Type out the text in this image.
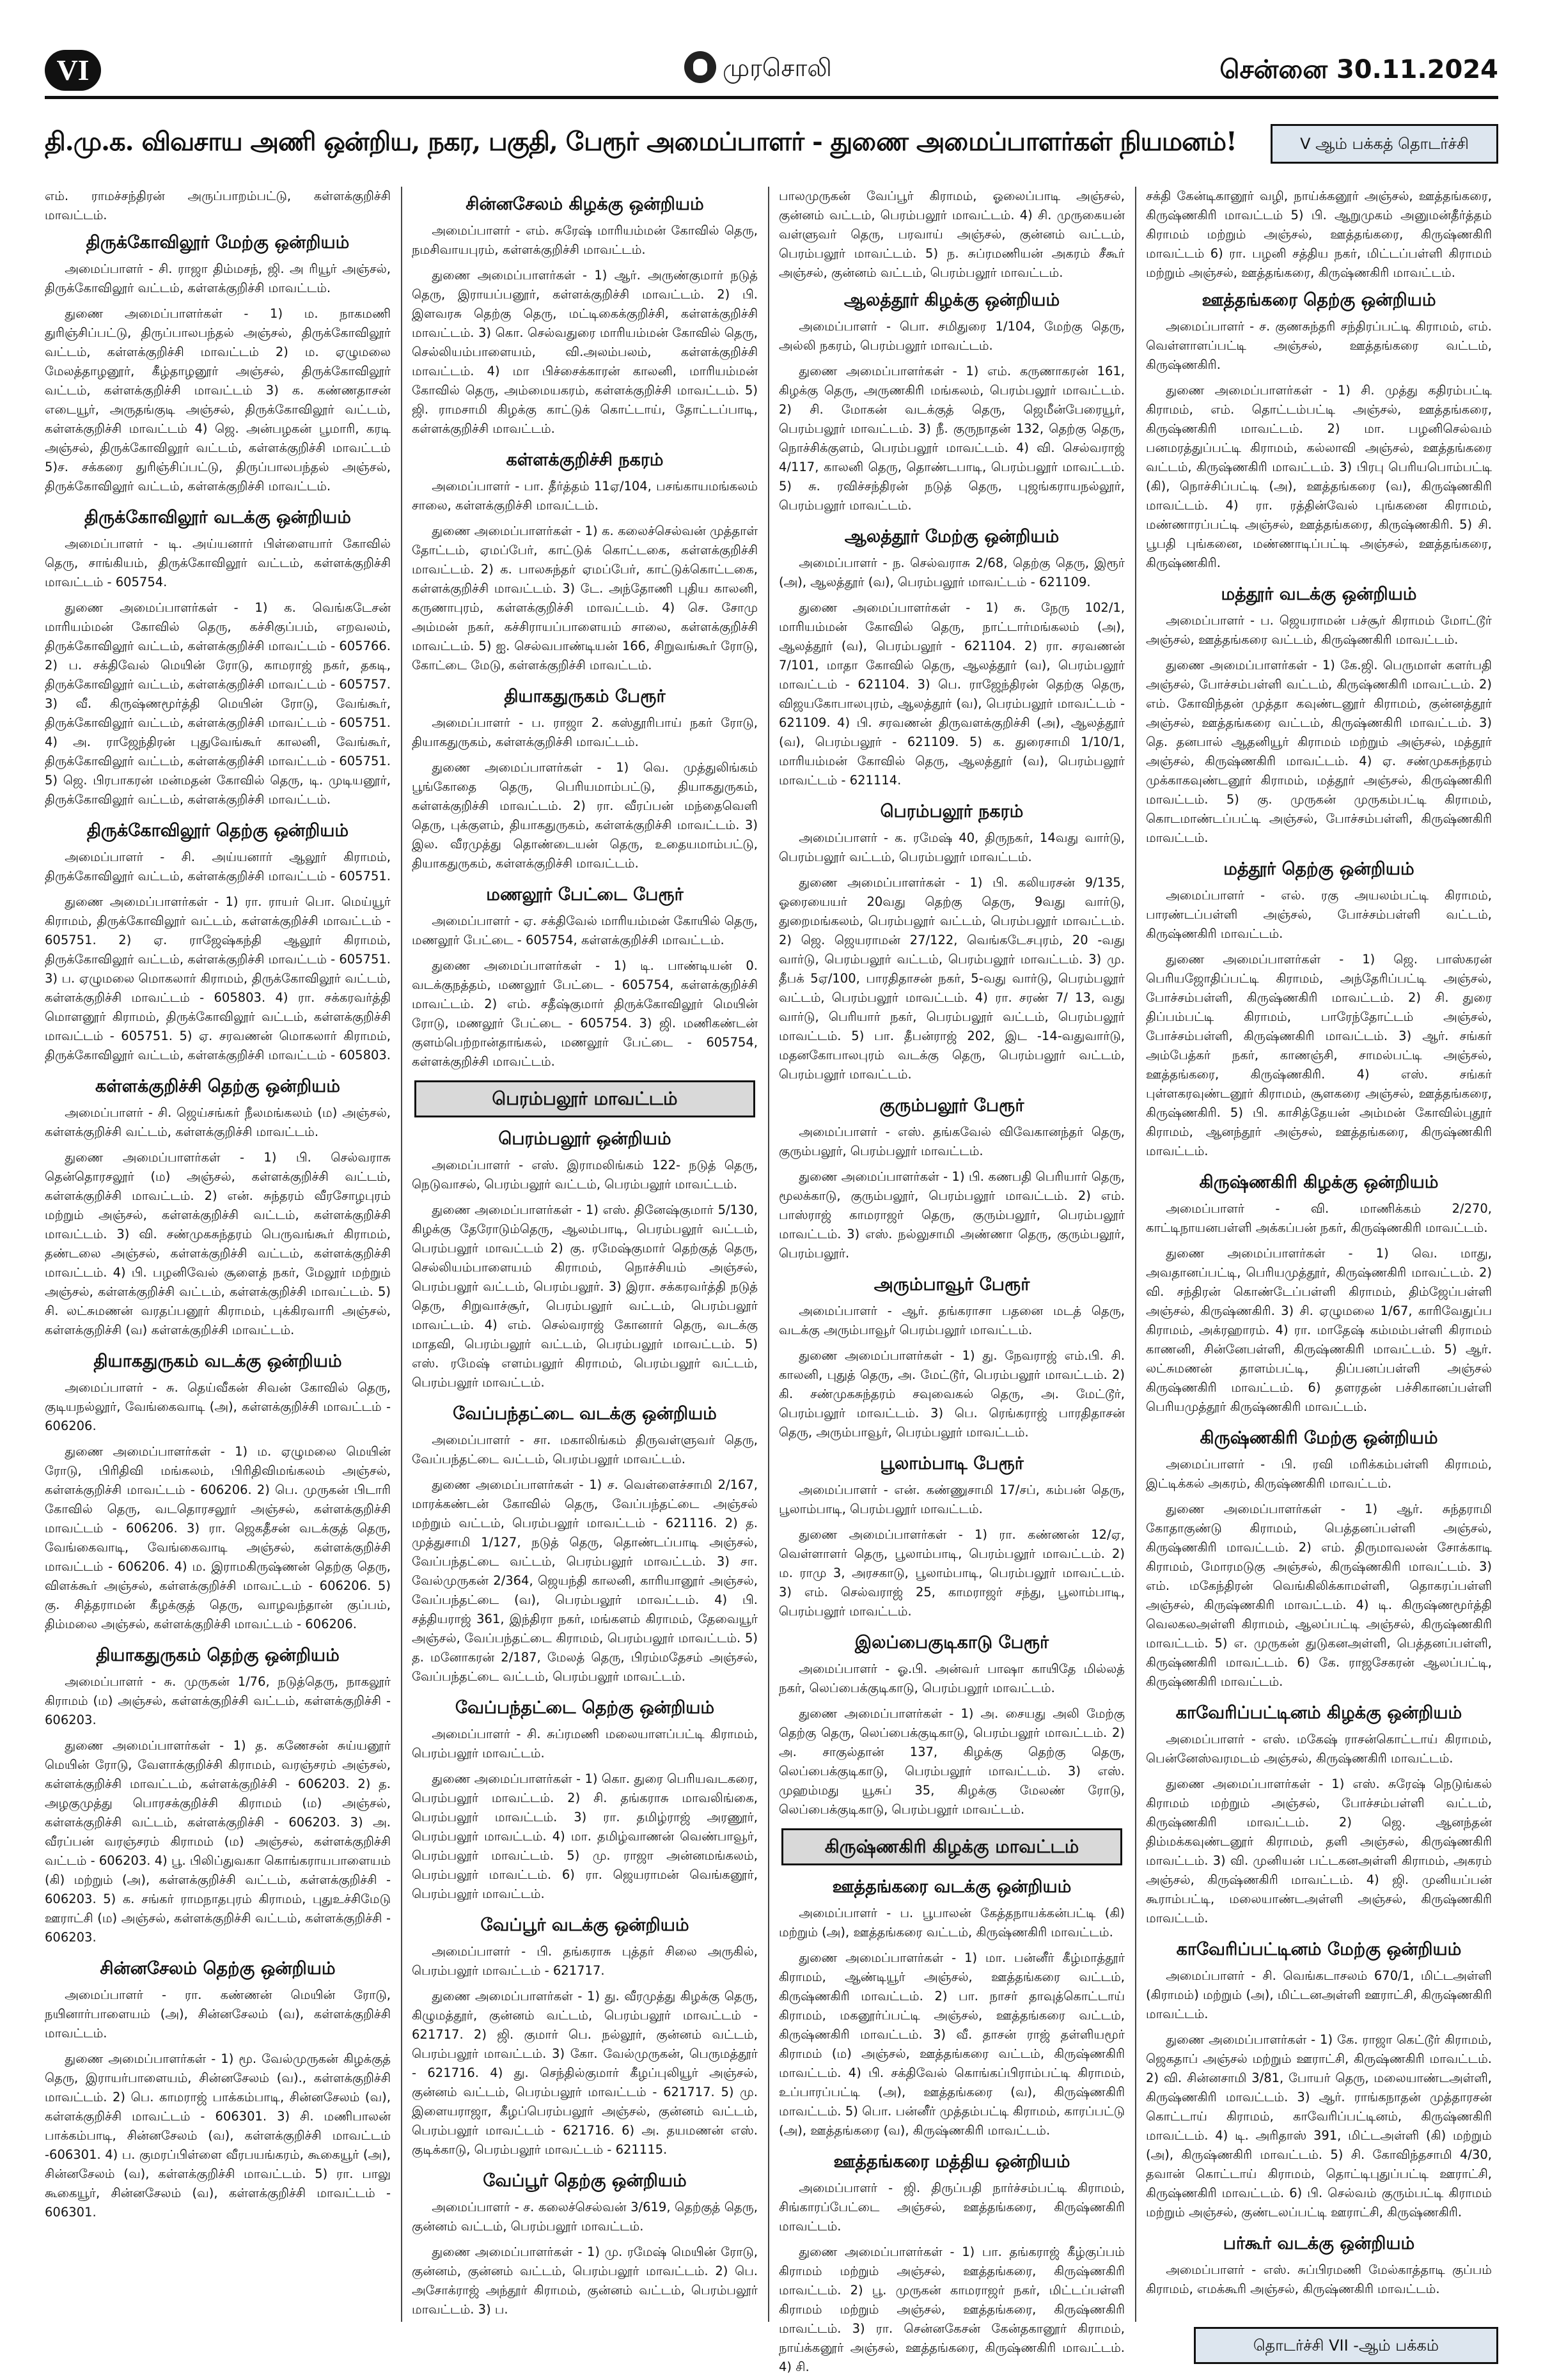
VI	முரசொலி	சென்னை 30.11.2024
தி.மு.க. விவசாய அணி ஒன்றிய, நகர, பகுதி, பேரூர் அமைப்பாளர் - துணை அமைப்பாளர்கள் நியமனம்!	V ஆம் பக்கத் தொடர்ச்சி

எம். ராமச்சந்திரன் அருப்பாறம்பட்டு, கள்ளக்குறிச்சி மாவட்டம்.

திருக்கோவிலூர் மேற்கு ஒன்றியம்

அமைப்பாளர் - சி. ராஜா திம்மசந், ஜி. அ ரியூர் அஞ்சல், திருக்கோவிலூர் வட்டம், கள்ளக்குறிச்சி மாவட்டம்.

துணை அமைப்பாளர்கள் - 1) ம. நாகமணி துரிஞ்சிப்பட்டு, திருப்பாலபந்தல் அஞ்சல், திருக்கோவிலூர் வட்டம், கள்ளக்குறிச்சி மாவட்டம் 2) ம. ஏழுமலை மேலத்தாழனூர், கீழ்தாழனூர் அஞ்சல், திருக்கோவிலூர் வட்டம், கள்ளக்குறிச்சி மாவட்டம் 3) க. கண்ணதாசன் எடையூர், அருதங்குடி அஞ்சல், திருக்கோவிலூர் வட்டம், கள்ளக்குறிச்சி மாவட்டம் 4) ஜெ. அன்பழகன் பூமாரி, கரடி அஞ்சல், திருக்கோவிலூர் வட்டம், கள்ளக்குறிச்சி மாவட்டம் 5)ச. சக்கரை துரிஞ்சிப்பட்டு, திருப்பாலபந்தல் அஞ்சல், திருக்கோவிலூர் வட்டம், கள்ளக்குறிச்சி மாவட்டம்.

திருக்கோவிலூர் வடக்கு ஒன்றியம்

அமைப்பாளர் - டி. அய்யனார் பிள்ளையார் கோவில் தெரு, சாங்கியம், திருக்கோவிலூர் வட்டம், கள்ளக்குறிச்சி மாவட்டம் - 605754.

துணை அமைப்பாளர்கள் - 1) க. வெங்கடேசன் மாரியம்மன் கோவில் தெரு, கச்சிகுப்பம், எறவலம், திருக்கோவிலூர் வட்டம், கள்ளக்குறிச்சி மாவட்டம் - 605766. 2) ப. சக்திவேல் மெயின் ரோடு, காமராஜ் நகர், தகடி, திருக்கோவிலூர் வட்டம், கள்ளக்குறிச்சி மாவட்டம் - 605757. 3) வீ. கிருஷ்ணமூர்த்தி மெயின் ரோடு, வேங்கூர், திருக்கோவிலூர் வட்டம், கள்ளக்குறிச்சி மாவட்டம் - 605751. 4) அ. ராஜேந்திரன் புதுவேங்கூர் காலனி, வேங்கூர், திருக்கோவிலூர் வட்டம், கள்ளக்குறிச்சி மாவட்டம் - 605751. 5) ஜெ. பிரபாகரன் மன்மதன் கோவில் தெரு, டி. முடியனூர், திருக்கோவிலூர் வட்டம், கள்ளக்குறிச்சி மாவட்டம்.

திருக்கோவிலூர் தெற்கு ஒன்றியம்

அமைப்பாளர் - சி. அய்யனார் ஆலூர் கிராமம், திருக்கோவிலூர் வட்டம், கள்ளக்குறிச்சி மாவட்டம் - 605751.

துணை அமைப்பாளர்கள் - 1) ரா. ராயர் பொ. மெய்யூர் கிராமம், திருக்கோவிலூர் வட்டம், கள்ளக்குறிச்சி மாவட்டம் - 605751. 2) ஏ. ராஜேஷ்கந்தி ஆலூர் கிராமம், திருக்கோவிலூர் வட்டம், கள்ளக்குறிச்சி மாவட்டம் - 605751. 3) ப. ஏழுமலை மொகலார் கிராமம், திருக்கோவிலூர் வட்டம், கள்ளக்குறிச்சி மாவட்டம் - 605803. 4) ரா. சக்கரவர்த்தி மொளனூர் கிராமம், திருக்கோவிலூர் வட்டம், கள்ளக்குறிச்சி மாவட்டம் - 605751. 5) ஏ. சரவணன் மொகலார் கிராமம், திருக்கோவிலூர் வட்டம், கள்ளக்குறிச்சி மாவட்டம் - 605803.

கள்ளக்குறிச்சி தெற்கு ஒன்றியம்

அமைப்பாளர் - சி. ஜெய்சங்கர் நீலமங்கலம் (ம) அஞ்சல், கள்ளக்குறிச்சி வட்டம், கள்ளக்குறிச்சி மாவட்டம்.

துணை அமைப்பாளர்கள் - 1) பி. செல்வராசு தென்தொரசலூர் (ம) அஞ்சல், கள்ளக்குறிச்சி வட்டம், கள்ளக்குறிச்சி மாவட்டம். 2) என். சுந்தரம் வீரசோழபுரம் மற்றும் அஞ்சல், கள்ளக்குறிச்சி வட்டம், கள்ளக்குறிச்சி மாவட்டம். 3) வி. சண்முகசுந்தரம் பெருவங்கூர் கிராமம், தண்டலை அஞ்சல், கள்ளக்குறிச்சி வட்டம், கள்ளக்குறிச்சி மாவட்டம். 4) பி. பழனிவேல் சூளைத் நகர், மேலூர் மற்றும் அஞ்சல், கள்ளக்குறிச்சி வட்டம், கள்ளக்குறிச்சி மாவட்டம். 5) சி. லட்சுமணன் வரதப்பனூர் கிராமம், புக்கிரவாரி அஞ்சல், கள்ளக்குறிச்சி (வ) கள்ளக்குறிச்சி மாவட்டம்.

தியாகதுருகம் வடக்கு ஒன்றியம்

அமைப்பாளர் - சு. தெய்வீகன் சிவன் கோவில் தெரு, குடியநல்லூர், வேங்கைவாடி (அ), கள்ளக்குறிச்சி மாவட்டம் - 606206.

துணை அமைப்பாளர்கள் - 1) ம. ஏழுமலை மெயின் ரோடு, பிரிதிவி மங்கலம், பிரிதிவிமங்கலம் அஞ்சல், கள்ளக்குறிச்சி மாவட்டம் - 606206. 2) பெ. முருகன் பிடாரி கோவில் தெரு, வடதொரசலூர் அஞ்சல், கள்ளக்குறிச்சி மாவட்டம் - 606206. 3) ரா. ஜெகதீசன் வடக்குத் தெரு, வேங்கைவாடி, வேங்கைவாடி அஞ்சல், கள்ளக்குறிச்சி மாவட்டம் - 606206. 4) ம. இராமகிருஷ்ணன் தெற்கு தெரு, விளக்கூர் அஞ்சல், கள்ளக்குறிச்சி மாவட்டம் - 606206. 5) கு. சித்தராமன் கீழக்குத் தெரு, வாழவந்தான் குப்பம், திம்மலை அஞ்சல், கள்ளக்குறிச்சி மாவட்டம் - 606206.

தியாகதுருகம் தெற்கு ஒன்றியம்

அமைப்பாளர் - சு. முருகன் 1/76, நடுத்தெரு, நாகலூர் கிராமம் (ம) அஞ்சல், கள்ளக்குறிச்சி வட்டம், கள்ளக்குறிச்சி - 606203.

துணை அமைப்பாளர்கள் - 1) த. கணேசன் சுய்யனூர் மெயின் ரோடு, வேளாக்குறிச்சி கிராமம், வரஞ்சரம் அஞ்சல், கள்ளக்குறிச்சி மாவட்டம், கள்ளக்குறிச்சி - 606203. 2) த. அழகுமுத்து பொரசக்குறிச்சி கிராமம் (ம) அஞ்சல், கள்ளக்குறிச்சி வட்டம், கள்ளக்குறிச்சி - 606203. 3) அ. வீரப்பன் வரஞ்சரம் கிராமம் (ம) அஞ்சல், கள்ளக்குறிச்சி வட்டம் - 606203. 4) பூ. பிலிப்துவகா கொங்கராயபாளையம் (கி) மற்றும் (அ), கள்ளக்குறிச்சி வட்டம், கள்ளக்குறிச்சி - 606203. 5) க. சங்கர் ராமநாதபுரம் கிராமம், புதுஉச்சிமேடு ஊராட்சி (ம) அஞ்சல், கள்ளக்குறிச்சி வட்டம், கள்ளக்குறிச்சி - 606203.

சின்னசேலம் தெற்கு ஒன்றியம்

அமைப்பாளர் - ரா. கண்ணன் மெயின் ரோடு, நயினார்பாளையம் (அ), சின்னசேலம் (வ), கள்ளக்குறிச்சி மாவட்டம்.

துணை அமைப்பாளர்கள் - 1) மூ. வேல்முருகன் கிழக்குத் தெரு, இராயர்பாளையம், சின்னசேலம் (வ)., கள்ளக்குறிச்சி மாவட்டம். 2) பெ. காமராஜ் பாக்கம்பாடி, சின்னசேலம் (வ), கள்ளக்குறிச்சி மாவட்டம் - 606301. 3) சி. மணிபாலன் பாக்கம்பாடி, சின்னசேலம் (வ), கள்ளக்குறிச்சி மாவட்டம் -606301. 4) ப. குமரப்பிள்ளை வீரபயங்கரம், கூகையூர் (அ), சின்னசேலம் (வ), கள்ளக்குறிச்சி மாவட்டம். 5) ரா. பாலு கூகையூர், சின்னசேலம் (வ), கள்ளக்குறிச்சி மாவட்டம் - 606301.

சின்னசேலம் கிழக்கு ஒன்றியம்

அமைப்பாளர் - எம். சுரேஷ் மாரியம்மன் கோவில் தெரு, நமசிவாயபுரம், கள்ளக்குறிச்சி மாவட்டம்.

துணை அமைப்பாளர்கள் - 1) ஆர். அருண்குமார் நடுத் தெரு, இராயப்பனூர், கள்ளக்குறிச்சி மாவட்டம். 2) பி. இளவரசு தெற்கு தெரு, மட்டிகைக்குறிச்சி, கள்ளக்குறிச்சி மாவட்டம். 3) கொ. செல்வதுரை மாரியம்மன் கோவில் தெரு, செல்லியம்பாளையம், வி.அலம்பலம், கள்ளக்குறிச்சி மாவட்டம். 4) மா பிச்சைக்காரன் காலனி, மாரியம்மன் கோவில் தெரு, அம்மையகரம், கள்ளக்குறிச்சி மாவட்டம். 5) ஜி. ராமசாமி கிழக்கு காட்டுக் கொட்டாய், தோட்டப்பாடி, கள்ளக்குறிச்சி மாவட்டம்.

கள்ளக்குறிச்சி நகரம்

அமைப்பாளர் - பா. தீர்த்தம் 11ஏ/104, பசங்காயமங்கலம் சாலை, கள்ளக்குறிச்சி மாவட்டம்.

துணை அமைப்பாளர்கள் - 1) க. கலைச்செல்வன் முத்தாள் தோட்டம், ஏமப்பேர், காட்டுக் கொட்டகை, கள்ளக்குறிச்சி மாவட்டம். 2) க. பாலசுந்தர் ஏமப்பேர், காட்டுக்கொட்டகை, கள்ளக்குறிச்சி மாவட்டம். 3) டே. அந்தோணி புதிய காலனி, கருணாபுரம், கள்ளக்குறிச்சி மாவட்டம். 4) செ. சோமு அம்மன் நகர், கச்சிராயப்பாளையம் சாலை, கள்ளக்குறிச்சி மாவட்டம். 5) ஐ. செல்வபாண்டியன் 166, சிறுவங்கூர் ரோடு, கோட்டை மேடு, கள்ளக்குறிச்சி மாவட்டம்.

தியாகதுருகம் பேரூர்

அமைப்பாளர் - ப. ராஜா 2. கஸ்தூரிபாய் நகர் ரோடு, தியாகதுருகம், கள்ளக்குறிச்சி மாவட்டம்.

துணை அமைப்பாளர்கள் - 1) வெ. முத்துலிங்கம் பூங்கோதை தெரு, பெரியமாம்பட்டு, தியாகதுருகம், கள்ளக்குறிச்சி மாவட்டம். 2) ரா. வீரப்பன் மந்தைவெளி தெரு, புக்குளம், தியாகதுருகம், கள்ளக்குறிச்சி மாவட்டம். 3) இல. வீரமுத்து தொண்டையன் தெரு, உதையமாம்பட்டு, தியாகதுருகம், கள்ளக்குறிச்சி மாவட்டம்.

மணலூர் பேட்டை பேரூர்

அமைப்பாளர் - ஏ. சக்திவேல் மாரியம்மன் கோயில் தெரு, மணலூர் பேட்டை - 605754, கள்ளக்குறிச்சி மாவட்டம்.

துணை அமைப்பாளர்கள் - 1) டி. பாண்டியன் 0. வடக்குநத்தம், மணலூர் பேட்டை - 605754, கள்ளக்குறிச்சி மாவட்டம். 2) எம். சதீஷ்குமார் திருக்கோவிலூர் மெயின் ரோடு, மணலூர் பேட்டை - 605754. 3) ஜி. மணிகண்டன் குளம்பெற்றான்தாங்கல், மணலூர் பேட்டை - 605754, கள்ளக்குறிச்சி மாவட்டம்.

பெரம்பலூர் மாவட்டம்
பெரம்பலூர் ஒன்றியம்

அமைப்பாளர் - எஸ். இராமலிங்கம் 122- நடுத் தெரு, நெடுவாசல், பெரம்பலூர் வட்டம், பெரம்பலூர் மாவட்டம்.

துணை அமைப்பாளர்கள் - 1) எஸ். தினேஷ்குமார் 5/130, கிழக்கு தேரோடும்தெரு, ஆலம்பாடி, பெரம்பலூர் வட்டம், பெரம்பலூர் மாவட்டம் 2) கு. ரமேஷ்குமார் தெற்குத் தெரு, செல்லியம்பாளையம் கிராமம், நொச்சியம் அஞ்சல், பெரம்பலூர் வட்டம், பெரம்பலூர். 3) இரா. சக்கரவர்த்தி நடுத் தெரு, சிறுவாச்சூர், பெரம்பலூர் வட்டம், பெரம்பலூர் மாவட்டம். 4) எம். செல்வராஜ் கோனார் தெரு, வடக்கு மாதவி, பெரம்பலூர் வட்டம், பெரம்பலூர் மாவட்டம். 5) எஸ். ரமேஷ் எளம்பலூர் கிராமம், பெரம்பலூர் வட்டம், பெரம்பலூர் மாவட்டம்.

வேப்பந்தட்டை வடக்கு ஒன்றியம்

அமைப்பாளர் - சா. மகாலிங்கம் திருவள்ளுவர் தெரு, வேப்பந்தட்டை வட்டம், பெரம்பலூர் மாவட்டம்.

துணை அமைப்பாளர்கள் - 1) ச. வெள்ளைச்சாமி 2/167, மாரக்கண்டன் கோவில் தெரு, வேப்பந்தட்டை அஞ்சல் மற்றும் வட்டம், பெரம்பலூர் மாவட்டம் - 621116. 2) த. முத்துசாமி 1/127, நடுத் தெரு, தொண்டப்பாடி அஞ்சல், வேப்பந்தட்டை வட்டம், பெரம்பலூர் மாவட்டம். 3) சா. வேல்முருகன் 2/364, ஜெயந்தி காலனி, காரியானூர் அஞ்சல், வேப்பந்தட்டை (வ), பெரம்பலூர் மாவட்டம். 4) பி. சத்தியராஜ் 361, இந்திரா நகர், மங்களம் கிராமம், தேவையூர் அஞ்சல், வேப்பந்தட்டை கிராமம், பெரம்பலூர் மாவட்டம். 5) த. மனோகரன் 2/187, மேலத் தெரு, பிரம்மதேசம் அஞ்சல், வேப்பந்தட்டை வட்டம், பெரம்பலூர் மாவட்டம்.

வேப்பந்தட்டை தெற்கு ஒன்றியம்

அமைப்பாளர் - சி. சுப்ரமணி மலையாளப்பட்டி கிராமம், பெரம்பலூர் மாவட்டம்.

துணை அமைப்பாளர்கள் - 1) கொ. துரை பெரியவடகரை, பெரம்பலூர் மாவட்டம். 2) சி. தங்கராசு மாவலிங்கை, பெரம்பலூர் மாவட்டம். 3) ரா. தமிழ்ராஜ் அரணூர், பெரம்பலூர் மாவட்டம். 4) மா. தமிழ்வாணன் வெண்பாவூர், பெரம்பலூர் மாவட்டம். 5) மு. ராஜா அன்னமங்கலம், பெரம்பலூர் மாவட்டம். 6) ரா. ஜெயராமன் வெங்கனூர், பெரம்பலூர் மாவட்டம்.

வேப்பூர் வடக்கு ஒன்றியம்

அமைப்பாளர் - பி. தங்கராசு புத்தர் சிலை அருகில், பெரம்பலூர் மாவட்டம் - 621717.

துணை அமைப்பாளர்கள் - 1) து. வீரமுத்து கிழக்கு தெரு, கிழுமத்தூர், குன்னம் வட்டம், பெரம்பலூர் மாவட்டம் - 621717. 2) ஜி. குமார் பெ. நல்லூர், குன்னம் வட்டம், பெரம்பலூர் மாவட்டம். 3) கோ. வேல்முருகன், பெருமத்தூர் - 621716. 4) து. செந்தில்குமார் கீழப்புலியூர் அஞ்சல், குன்னம் வட்டம், பெரம்பலூர் மாவட்டம் - 621717. 5) மு. இளையராஜா, கீழப்பெரம்பலூர் அஞ்சல், குன்னம் வட்டம், பெரம்பலூர் மாவட்டம் - 621716. 6) அ. தயமணன் எஸ். குடிக்காடு, பெரம்பலூர் மாவட்டம் - 621115.

வேப்பூர் தெற்கு ஒன்றியம்

அமைப்பாளர் - ச. கலைச்செல்வன் 3/619, தெற்குத் தெரு, குன்னம் வட்டம், பெரம்பலூர் மாவட்டம்.

துணை அமைப்பாளர்கள் - 1) மு. ரமேஷ் மெயின் ரோடு, குன்னம், குன்னம் வட்டம், பெரம்பலூர் மாவட்டம். 2) பெ. அசோக்ராஜ் அந்தூர் கிராமம், குன்னம் வட்டம், பெரம்பலூர் மாவட்டம். 3) ப.

பாலமுருகன் வேப்பூர் கிராமம், ஓலைப்பாடி அஞ்சல், குன்னம் வட்டம், பெரம்பலூர் மாவட்டம். 4) சி. முருகையன் வள்ளுவர் தெரு, பரவாய் அஞ்சல், குன்னம் வட்டம், பெரம்பலூர் மாவட்டம். 5) ந. சுப்ரமணியன் அகரம் சீகூர் அஞ்சல், குன்னம் வட்டம், பெரம்பலூர் மாவட்டம்.

ஆலத்தூர் கிழக்கு ஒன்றியம்

அமைப்பாளர் - பொ. சமிதுரை 1/104, மேற்கு தெரு, அல்லி நகரம், பெரம்பலூர் மாவட்டம்.

துணை அமைப்பாளர்கள் - 1) எம். கருணாகரன் 161, கிழக்கு தெரு, அருணகிரி மங்கலம், பெரம்பலூர் மாவட்டம். 2) சி. மோகன் வடக்குத் தெரு, ஜெமீன்பேரையூர், பெரம்பலூர் மாவட்டம். 3) நீ. குருநாதன் 132, தெற்கு தெரு, நொச்சிக்குளம், பெரம்பலூர் மாவட்டம். 4) வி. செல்வராஜ் 4/117, காலனி தெரு, தொண்டபாடி, பெரம்பலூர் மாவட்டம். 5) சு. ரவிச்சந்திரன் நடுத் தெரு, புஜங்கராயநல்லூர், பெரம்பலூர் மாவட்டம்.

ஆலத்தூர் மேற்கு ஒன்றியம்

அமைப்பாளர் - ந. செல்வராசு 2/68, தெற்கு தெரு, இரூர் (அ), ஆலத்தூர் (வ), பெரம்பலூர் மாவட்டம் - 621109.

துணை அமைப்பாளர்கள் - 1) சு. நேரு 102/1, மாரியம்மன் கோவில் தெரு, நாட்டார்மங்கலம் (அ), ஆலத்தூர் (வ), பெரம்பலூர் - 621104. 2) ரா. சரவணன் 7/101, மாதா கோவில் தெரு, ஆலத்தூர் (வ), பெரம்பலூர் மாவட்டம் - 621104. 3) பெ. ராஜேந்திரன் தெற்கு தெரு, விஜயகோபாலபுரம், ஆலத்தூர் (வ), பெரம்பலூர் மாவட்டம் - 621109. 4) பி. சரவணன் திருவளக்குறிச்சி (அ), ஆலத்தூர் (வ), பெரம்பலூர் - 621109. 5) க. துரைசாமி 1/10/1, மாரியம்மன் கோவில் தெரு, ஆலத்தூர் (வ), பெரம்பலூர் மாவட்டம் - 621114.

பெரம்பலூர் நகரம்

அமைப்பாளர் - க. ரமேஷ் 40, திருநகர், 14வது வார்டு, பெரம்பலூர் வட்டம், பெரம்பலூர் மாவட்டம்.

துணை அமைப்பாளர்கள் - 1) பி. கலியரசன் 9/135, ஓரையையர் 20வது தெற்கு தெரு, 9வது வார்டு, துறைமங்கலம், பெரம்பலூர் வட்டம், பெரம்பலூர் மாவட்டம். 2) ஜெ. ஜெயராமன் 27/122, வெங்கடேசபுரம், 20 -வது வார்டு, பெரம்பலூர் வட்டம், பெரம்பலூர் மாவட்டம். 3) மு. தீபக் 5ஏ/100, பாரதிதாசன் நகர், 5-வது வார்டு, பெரம்பலூர் வட்டம், பெரம்பலூர் மாவட்டம். 4) ரா. சரண் 7/ 13, வது வார்டு, பெரியார் நகர், பெரம்பலூர் வட்டம், பெரம்பலூர் மாவட்டம். 5) பா. தீபன்ராஜ் 202, இட -14-வதுவார்டு, மதனகோபாலபுரம் வடக்கு தெரு, பெரம்பலூர் வட்டம், பெரம்பலூர் மாவட்டம்.

குரும்பலூர் பேரூர்

அமைப்பாளர் - எஸ். தங்கவேல் விவேகானந்தர் தெரு, குரும்பலூர், பெரம்பலூர் மாவட்டம்.

துணை அமைப்பாளர்கள் - 1) பி. கணபதி பெரியார் தெரு, மூலக்காடு, குரும்பலூர், பெரம்பலூர் மாவட்டம். 2) எம். பாஸ்ராஜ் காமராஜர் தெரு, குரும்பலூர், பெரம்பலூர் மாவட்டம். 3) எஸ். நல்லுசாமி அண்ணா தெரு, குரும்பலூர், பெரம்பலூர்.

அரும்பாவூர் பேரூர்

அமைப்பாளர் - ஆர். தங்கராசா பதனை மடத் தெரு, வடக்கு அரும்பாவூர் பெரம்பலூர் மாவட்டம்.

துணை அமைப்பாளர்கள் - 1) து. நேவராஜ் எம்.பி. சி. காலனி, புதுத் தெரு, அ. மேட்டூர், பெரம்பலூர் மாவட்டம். 2) கி. சண்முகசுந்தரம் சவுவைகல் தெரு, அ. மேட்டூர், பெரம்பலூர் மாவட்டம். 3) பெ. ரெங்கராஜ் பாரதிதாசன் தெரு, அரும்பாவூர், பெரம்பலூர் மாவட்டம்.

பூலாம்பாடி பேரூர்

அமைப்பாளர் - என். கண்ணுசாமி 17/சப், கம்பன் தெரு, பூலாம்பாடி, பெரம்பலூர் மாவட்டம்.

துணை அமைப்பாளர்கள் - 1) ரா. கண்ணன் 12/ஏ, வெள்ளாளர் தெரு, பூலாம்பாடி, பெரம்பலூர் மாவட்டம். 2) ம. ராமு 3, அரசகாடு, பூலாம்பாடி, பெரம்பலூர் மாவட்டம். 3) எம். செல்வராஜ் 25, காமராஜர் சந்து, பூலாம்பாடி, பெரம்பலூர் மாவட்டம்.

இலப்பைகுடிகாடு பேரூர்

அமைப்பாளர் - ஓ.பி. அன்வர் பாஷா காயிதே மில்லத் நகர், லெப்பைக்குடிகாடு, பெரம்பலூர் மாவட்டம்.

துணை அமைப்பாளர்கள் - 1) அ. சையது அலி மேற்கு தெற்கு தெரு, லெப்பைக்குடிகாடு, பெரம்பலூர் மாவட்டம். 2) அ. சாகுல்தான் 137, கிழக்கு தெற்கு தெரு, லெப்பைக்குடிகாடு, பெரம்பலூர் மாவட்டம். 3) எஸ். முஹம்மது யூசுப் 35, கிழக்கு மேலண் ரோடு, லெப்பைக்குடிகாடு, பெரம்பலூர் மாவட்டம்.

கிருஷ்ணகிரி கிழக்கு மாவட்டம்
ஊத்தங்கரை வடக்கு ஒன்றியம்

அமைப்பாளர் - ப. பூபாலன் கேத்தநாயக்கன்பட்டி (கி) மற்றும் (அ), ஊத்தங்கரை வட்டம், கிருஷ்ணகிரி மாவட்டம்.

துணை அமைப்பாளர்கள் - 1) மா. பன்னீர் கீழ்மாத்தூர் கிராமம், ஆண்டியூர் அஞ்சல், ஊத்தங்கரை வட்டம், கிருஷ்ணகிரி மாவட்டம். 2) பா. நாசர் தாவுத்கொட்டாய் கிராமம், மகனூர்ப்பட்டி அஞ்சல், ஊத்தங்கரை வட்டம், கிருஷ்ணகிரி மாவட்டம். 3) வீ. தாசன் ராஜ் தள்ளியமூர் கிராமம் (ம) அஞ்சல், ஊத்தங்கரை வட்டம், கிருஷ்ணகிரி மாவட்டம். 4) பி. சக்திவேல் கொங்கப்பிராம்பட்டி கிராமம், உப்பாரப்பட்டி (அ), ஊத்தங்கரை (வ), கிருஷ்ணகிரி மாவட்டம். 5) பொ. பன்னீர் முத்தம்பட்டி கிராமம், காரப்பட்டு (அ), ஊத்தங்கரை (வ), கிருஷ்ணகிரி மாவட்டம்.

ஊத்தங்கரை மத்திய ஒன்றியம்

அமைப்பாளர் - ஜி. திருப்பதி நார்ச்சம்பட்டி கிராமம், சிங்காரப்பேட்டை அஞ்சல், ஊத்தங்கரை, கிருஷ்ணகிரி மாவட்டம்.

துணை அமைப்பாளர்கள் - 1) பா. தங்கராஜ் கீழ்குப்பம் கிராமம் மற்றும் அஞ்சல், ஊத்தங்கரை, கிருஷ்ணகிரி மாவட்டம். 2) பூ. முருகன் காமராஜர் நகர், மிட்டப்பள்ளி கிராமம் மற்றும் அஞ்சல், ஊத்தங்கரை, கிருஷ்ணகிரி மாவட்டம். 3) ரா. சென்னகேசன் கேன்தகானூர் கிராமம், நாய்க்கனூர் அஞ்சல், ஊத்தங்கரை, கிருஷ்ணகிரி மாவட்டம். 4) சி.

சக்தி கேன்டிகானூர் வழி, நாய்க்கனூர் அஞ்சல், ஊத்தங்கரை, கிருஷ்ணகிரி மாவட்டம் 5) பி. ஆறுமுகம் அனுமன்தீர்த்தம் கிராமம் மற்றும் அஞ்சல், ஊத்தங்கரை, கிருஷ்ணகிரி மாவட்டம் 6) ரா. பழனி சத்திய நகர், மிட்டப்பள்ளி கிராமம் மற்றும் அஞ்சல், ஊத்தங்கரை, கிருஷ்ணகிரி மாவட்டம்.

ஊத்தங்கரை தெற்கு ஒன்றியம்

அமைப்பாளர் - ச. குணசுந்தரி சந்திரப்பட்டி கிராமம், எம். வெள்ளாளப்பட்டி அஞ்சல், ஊத்தங்கரை வட்டம், கிருஷ்ணகிரி.

துணை அமைப்பாளர்கள் - 1) சி. முத்து கதிரம்பட்டி கிராமம், எம். தொட்டம்பட்டி அஞ்சல், ஊத்தங்கரை, கிருஷ்ணகிரி மாவட்டம். 2) மா. பழனிசெல்வம் பனமரத்துப்பட்டி கிராமம், கல்லாவி அஞ்சல், ஊத்தங்கரை வட்டம், கிருஷ்ணகிரி மாவட்டம். 3) பிரபு பெரியபொம்பட்டி (கி), நொச்சிப்பட்டி (அ), ஊத்தங்கரை (வ), கிருஷ்ணகிரி மாவட்டம். 4) ரா. ரத்தின்வேல் புங்கனை கிராமம், மண்ணாரப்பட்டி அஞ்சல், ஊத்தங்கரை, கிருஷ்ணகிரி. 5) சி. பூபதி புங்கனை, மண்ணாடிப்பட்டி அஞ்சல், ஊத்தங்கரை, கிருஷ்ணகிரி.

மத்தூர் வடக்கு ஒன்றியம்

அமைப்பாளர் - ப. ஜெயராமன் பச்சூர் கிராமம் மோட்டூர் அஞ்சல், ஊத்தங்கரை வட்டம், கிருஷ்ணகிரி மாவட்டம்.

துணை அமைப்பாளர்கள் - 1) கே.ஜி. பெருமாள் களர்பதி அஞ்சல், போச்சம்பள்ளி வட்டம், கிருஷ்ணகிரி மாவட்டம். 2) எம். கோவிந்தன் முத்தா கவுண்டனூர் கிராமம், குன்னத்தூர் அஞ்சல், ஊத்தங்கரை வட்டம், கிருஷ்ணகிரி மாவட்டம். 3) தெ. தனபால் ஆதனியூர் கிராமம் மற்றும் அஞ்சல், மத்தூர் அஞ்சல், கிருஷ்ணகிரி மாவட்டம். 4) ஏ. சண்முகசுந்தரம் முக்காகவுண்டனூர் கிராமம், மத்தூர் அஞ்சல், கிருஷ்ணகிரி மாவட்டம். 5) கு. முருகன் முருகம்பட்டி கிராமம், கொடமாண்டப்பட்டி அஞ்சல், போச்சம்பள்ளி, கிருஷ்ணகிரி மாவட்டம்.

மத்தூர் தெற்கு ஒன்றியம்

அமைப்பாளர் - எல். ரகு அயலம்பட்டி கிராமம், பாரண்டப்பள்ளி அஞ்சல், போச்சம்பள்ளி வட்டம், கிருஷ்ணகிரி மாவட்டம்.

துணை அமைப்பாளர்கள் - 1) ஜெ. பாஸ்கரன் பெரியஜோதிப்பட்டி கிராமம், அந்தேரிப்பட்டி அஞ்சல், போச்சம்பள்ளி, கிருஷ்ணகிரி மாவட்டம். 2) சி. துரை திப்பம்பட்டி கிராமம், பாரேந்தோட்டம் அஞ்சல், போச்சம்பள்ளி, கிருஷ்ணகிரி மாவட்டம். 3) ஆர். சங்கர் அம்பேத்கர் நகர், காணஞ்சி, சாமல்பட்டி அஞ்சல், ஊத்தங்கரை, கிருஷ்ணகிரி. 4) எஸ். சங்கர் புள்ளகரவுண்டனூர் கிராமம், சூளகரை அஞ்சல், ஊத்தங்கரை, கிருஷ்ணகிரி. 5) பி. காசித்தேயன் அம்மன் கோவில்புதூர் கிராமம், ஆனந்தூர் அஞ்சல், ஊத்தங்கரை, கிருஷ்ணகிரி மாவட்டம்.

கிருஷ்ணகிரி கிழக்கு ஒன்றியம்

அமைப்பாளர் - வி. மாணிக்கம் 2/270, காட்டிநாயனபள்ளி அக்கப்பன் நகர், கிருஷ்ணகிரி மாவட்டம்.

துணை அமைப்பாளர்கள் - 1) வெ. மாது, அவதானப்பட்டி, பெரியமுத்தூர், கிருஷ்ணகிரி மாவட்டம். 2) வி. சந்திரன் கொண்டேப்பள்ளி கிராமம், திம்ஜேப்பள்ளி அஞ்சல், கிருஷ்ணகிரி. 3) சி. ஏழுமலை 1/67, காரிவேதுப்ப கிராமம், அக்ரஹாரம். 4) ரா. மாதேஷ் கம்மம்பள்ளி கிராமம் காணனி, சின்னேபள்ளி, கிருஷ்ணகிரி மாவட்டம். 5) ஆர். லட்சுமணன் தாளம்பட்டி, திப்பனப்பள்ளி அஞ்சல் கிருஷ்ணகிரி மாவட்டம். 6) தளரதன் பச்சிகானப்பள்ளி பெரியமுத்தூர் கிருஷ்ணகிரி மாவட்டம்.

கிருஷ்ணகிரி மேற்கு ஒன்றியம்

அமைப்பாளர் - பி. ரவி மரிக்கம்பள்ளி கிராமம், இட்டிக்கல் அகரம், கிருஷ்ணகிரி மாவட்டம்.

துணை அமைப்பாளர்கள் - 1) ஆர். சுந்தராமி கோதாகுண்டு கிராமம், பெத்தனப்பள்ளி அஞ்சல், கிருஷ்ணகிரி மாவட்டம். 2) எம். திருமாவலன் சோக்காடி கிராமம், மோரமடுகு அஞ்சல், கிருஷ்ணகிரி மாவட்டம். 3) எம். மகேந்திரன் வெங்கிலிக்காமள்ளி, தொகரப்பள்ளி அஞ்சல், கிருஷ்ணகிரி மாவட்டம். 4) டி. கிருஷ்ணமூர்த்தி வெலகலஅள்ளி கிராமம், ஆலப்பட்டி அஞ்சல், கிருஷ்ணகிரி மாவட்டம். 5) எ. முருகன் துடுகனஅள்ளி, பெத்தனப்பள்ளி, கிருஷ்ணகிரி மாவட்டம். 6) கே. ராஜசேகரன் ஆலப்பட்டி, கிருஷ்ணகிரி மாவட்டம்.

காவேரிப்பட்டினம் கிழக்கு ஒன்றியம்

அமைப்பாளர் - எஸ். மகேஷ் ராசன்கொட்டாய் கிராமம், பென்னேஸ்வரமடம் அஞ்சல், கிருஷ்ணகிரி மாவட்டம்.

துணை அமைப்பாளர்கள் - 1) எஸ். சுரேஷ் நெடுங்கல் கிராமம் மற்றும் அஞ்சல், போச்சம்பள்ளி வட்டம், கிருஷ்ணகிரி மாவட்டம். 2) ஜெ. ஆனந்தன் திம்மக்கவுண்டனூர் கிராமம், தளி அஞ்சல், கிருஷ்ணகிரி மாவட்டம். 3) வி. முனியன் பட்டகனஅள்ளி கிராமம், அகரம் அஞ்சல், கிருஷ்ணகிரி மாவட்டம். 4) ஜி. முனியப்பன் கூராம்பட்டி, மலையாண்டஅள்ளி அஞ்சல், கிருஷ்ணகிரி மாவட்டம்.

காவேரிப்பட்டினம் மேற்கு ஒன்றியம்

அமைப்பாளர் - சி. வெங்கடாசலம் 670/1, மிட்டஅள்ளி (கிராமம்) மற்றும் (அ), மிட்டனஅள்ளி ஊராட்சி, கிருஷ்ணகிரி மாவட்டம்.

துணை அமைப்பாளர்கள் - 1) கே. ராஜா கெட்டூர் கிராமம், ஜெகதாப் அஞ்சல் மற்றும் ஊராட்சி, கிருஷ்ணகிரி மாவட்டம். 2) வி. சின்னசாமி 3/81, போயர் தெரு, மலையாண்டஅள்ளி, கிருஷ்ணகிரி மாவட்டம். 3) ஆர். ராங்கநாதன் முத்தாரசன் கொட்டாய் கிராமம், காவேரிப்பட்டினம், கிருஷ்ணகிரி மாவட்டம். 4) டி. அரிதாஸ் 391, மிட்டஅள்ளி (கி) மற்றும் (அ), கிருஷ்ணகிரி மாவட்டம். 5) சி. கோவிந்தசாமி 4/30, தவான் கொட்டாய் கிராமம், தொட்டிபுதுப்பட்டி ஊராட்சி, கிருஷ்ணகிரி மாவட்டம். 6) பி. செல்வம் குரும்பட்டி கிராமம் மற்றும் அஞ்சல், குண்டலப்பட்டி ஊராட்சி, கிருஷ்ணகிரி.

பர்கூர் வடக்கு ஒன்றியம்

அமைப்பாளர் - எஸ். சுப்பிரமணி மேல்காத்தாடி குப்பம் கிராமம், எமக்கூரி அஞ்சல், கிருஷ்ணகிரி மாவட்டம்.

தொடர்ச்சி VII -ஆம் பக்கம்
